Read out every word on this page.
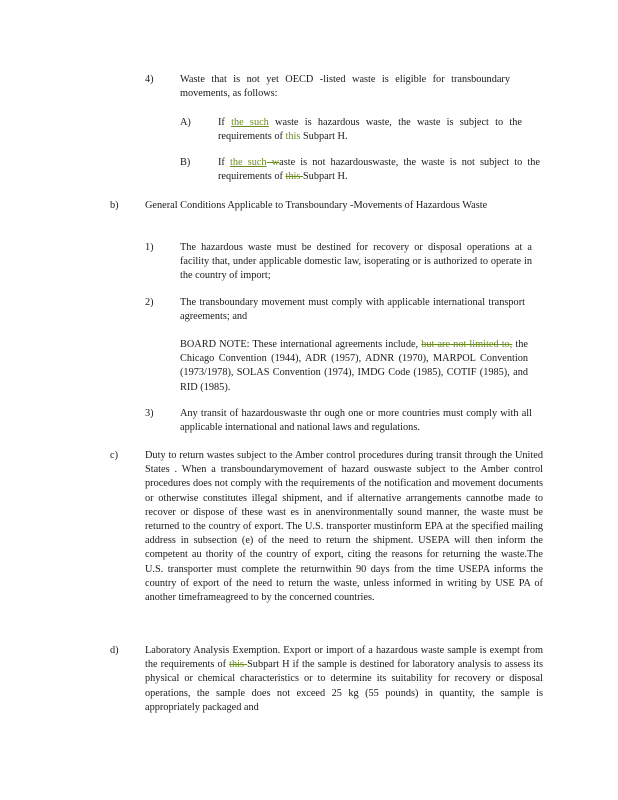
4)	Waste that is not yet OECD -listed waste is eligible for transboundary movements, as follows:
A)	If the such waste is hazardous waste, the waste is subject to the requirements of this Subpart H.
B)	If the such waste is not hazardouswaste, the waste is not subject to the requirements of this Subpart H.
b)	General Conditions Applicable to Transboundary -Movements of Hazardous Waste
1)	The hazardous waste must be destined for recovery or disposal operations at a facility that, under applicable domestic law, isoperating or is authorized to operate in the country of import;
2)	The transboundary movement must comply with applicable international transport agreements; and
BOARD NOTE: These international agreements include, but are not limited to, the Chicago Convention (1944), ADR (1957), ADNR (1970), MARPOL Convention (1973/1978), SOLAS Convention (1974), IMDG Code (1985), COTIF (1985), and RID (1985).
3)	Any transit of hazardouswaste thr ough one or more countries must comply with all applicable international and national laws and regulations.
c)	Duty to return wastes subject to the Amber control procedures during transit through the United States . When a transboundarymovement of hazard ouswaste subject to the Amber control procedures does not comply with the requirements of the notification and movement documents or otherwise constitutes illegal shipment, and if alternative arrangements cannotbe made to recover or dispose of these wast es in anenvironmentally sound manner, the waste must be returned to the country of export. The U.S. transporter mustinform EPA at the specified mailing address in subsection (e) of the need to return the shipment. USEPA will then inform the competent au thority of the country of export, citing the reasons for returning the waste.The U.S. transporter must complete the returnwithin 90 days from the time USEPA informs the country of export of the need to return the waste, unless informed in writing by USE PA of another timeframeagreed to by the concerned countries.
d)	Laboratory Analysis Exemption. Export or import of a hazardous waste sample is exempt from the requirements of this Subpart H if the sample is destined for laboratory analysis to assess its physical or chemical characteristics or to determine its suitability for recovery or disposal operations, the sample does not exceed 25 kg (55 pounds) in quantity, the sample is appropriately packaged and
